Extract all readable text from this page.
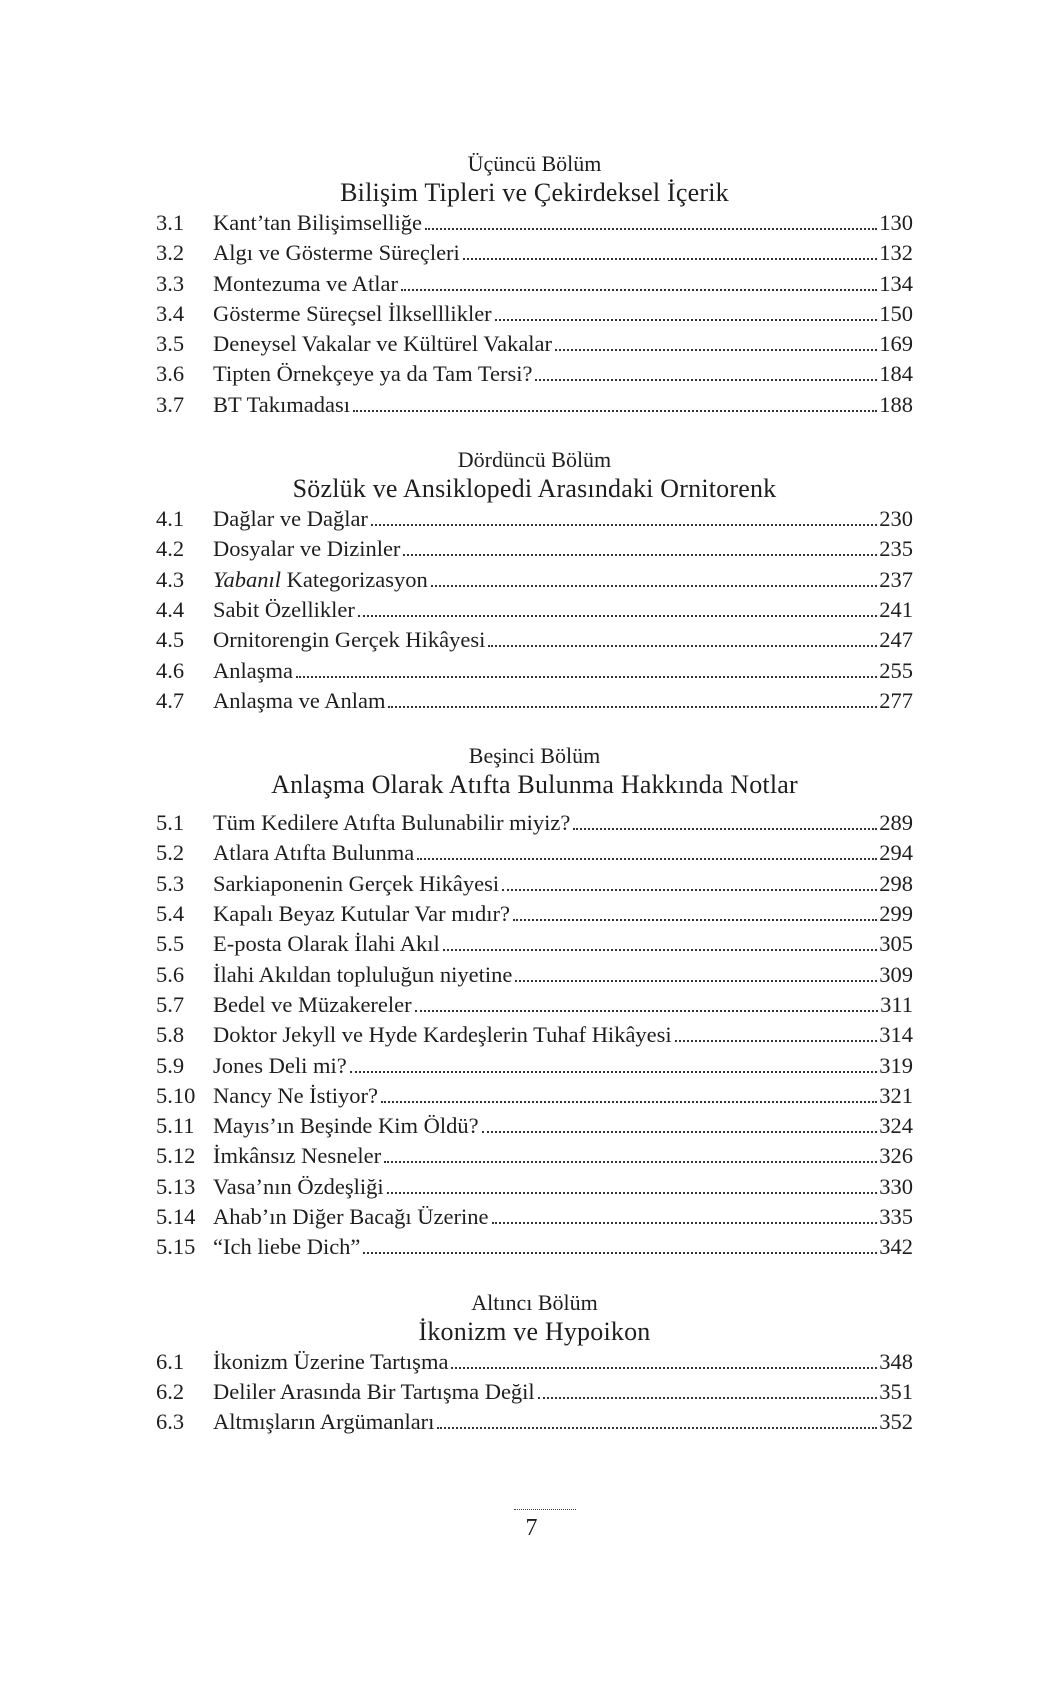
Üçüncü Bölüm
Bilişim Tipleri ve Çekirdeksel İçerik
3.1	Kant’tan Bilişimselliğe	130
3.2	Algı ve Gösterme Süreçleri	132
3.3	Montezuma ve Atlar	134
3.4	Gösterme Süreçsel İlkselllikler	150
3.5	Deneysel Vakalar ve Kültürel Vakalar	169
3.6	Tipten Örnekçeye ya da Tam Tersi?	184
3.7	BT Takımadası	188
Dördüncü Bölüm
Sözlük ve Ansiklopedi Arasındaki Ornitorenk
4.1	Dağlar ve Dağlar	230
4.2	Dosyalar ve Dizinler	235
4.3	Yabanıl Kategorizasyon	237
4.4	Sabit Özellikler	241
4.5	Ornitorengin Gerçek Hikâyesi	247
4.6	Anlaşma	255
4.7	Anlaşma ve Anlam	277
Beşinci Bölüm
Anlaşma Olarak Atıfta Bulunma Hakkında Notlar
5.1	Tüm Kedilere Atıfta Bulunabilir miyiz?	289
5.2	Atlara Atıfta Bulunma	294
5.3	Sarkiaponenin Gerçek Hikâyesi	298
5.4	Kapalı Beyaz Kutular Var mıdır?	299
5.5	E-posta Olarak İlahi Akıl	305
5.6	İlahi Akıldan topluluğun niyetine	309
5.7	Bedel ve Müzakereler	311
5.8	Doktor Jekyll ve Hyde Kardeşlerin Tuhaf Hikâyesi	314
5.9	Jones Deli mi?	319
5.10 Nancy Ne İstiyor?	321
5.11 Mayıs’ın Beşinde Kim Öldü?	324
5.12 İmkânsız Nesneler	326
5.13 Vasa’nın Özdeşliği	330
5.14 Ahab’ın Diğer Bacağı Üzerine	335
5.15 “Ich liebe Dich”	342
Altıncı Bölüm
İkonizm ve Hypoikon
6.1	İkonizm Üzerine Tartışma	348
6.2	Deliler Arasında Bir Tartışma Değil	351
6.3	Altmışların Argümanları	352
7
